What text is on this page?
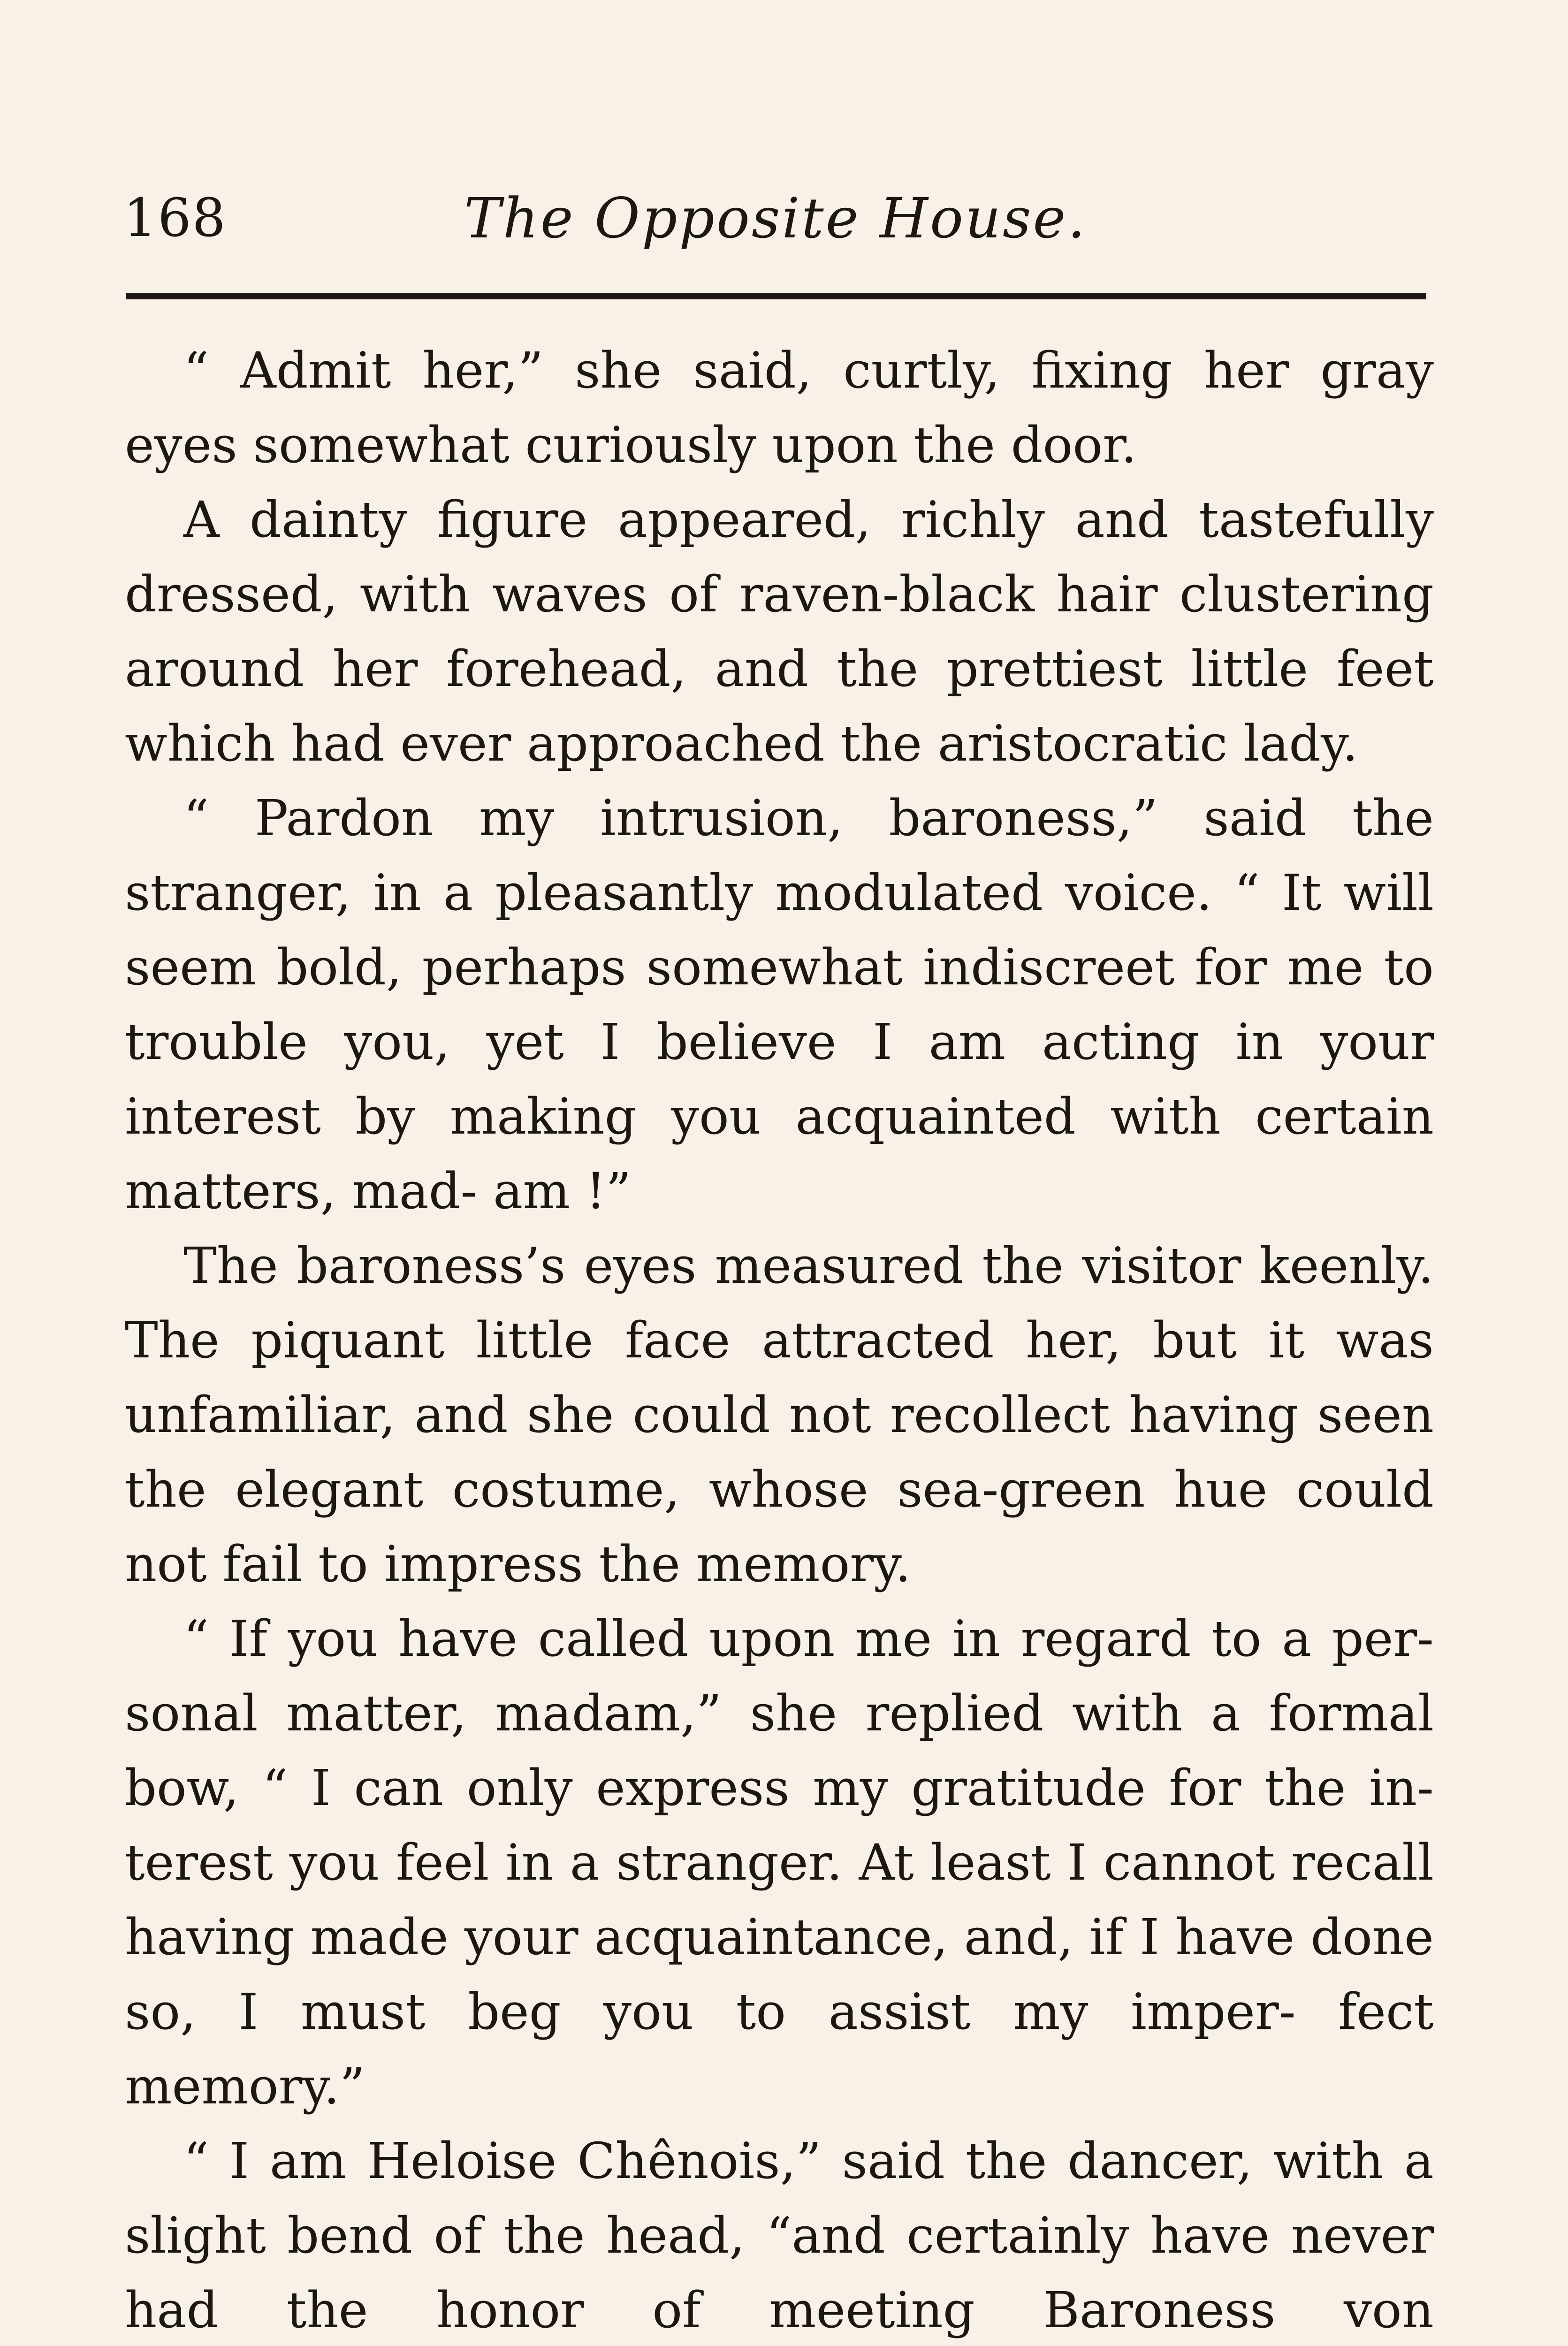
168	The Opposite House.

“ Admit her,” she said, curtly, fixing her gray eyes somewhat curiously upon the door.

A dainty figure appeared, richly and tastefully dressed, with waves of raven-black hair clustering around her forehead, and the prettiest little feet which had ever approached the aristocratic lady.

“ Pardon my intrusion, baroness,” said the stranger, in a pleasantly modulated voice. “ It will seem bold, perhaps somewhat indiscreet for me to trouble you, yet I believe I am acting in your interest by making you acquainted with certain matters, mad- am !”

The baroness’s eyes measured the visitor keenly. The piquant little face attracted her, but it was unfamiliar, and she could not recollect having seen the elegant costume, whose sea-green hue could not fail to impress the memory.

“ If you have called upon me in regard to a per- sonal matter, madam,” she replied with a formal bow, “ I can only express my gratitude for the in- terest you feel in a stranger. At least I cannot recall having made your acquaintance, and, if I have done so, I must beg you to assist my imper- fect memory.”

“ I am Heloise Chênois,” said the dancer, with a slight bend of the head, “and certainly have never had the honor of meeting Baroness von
